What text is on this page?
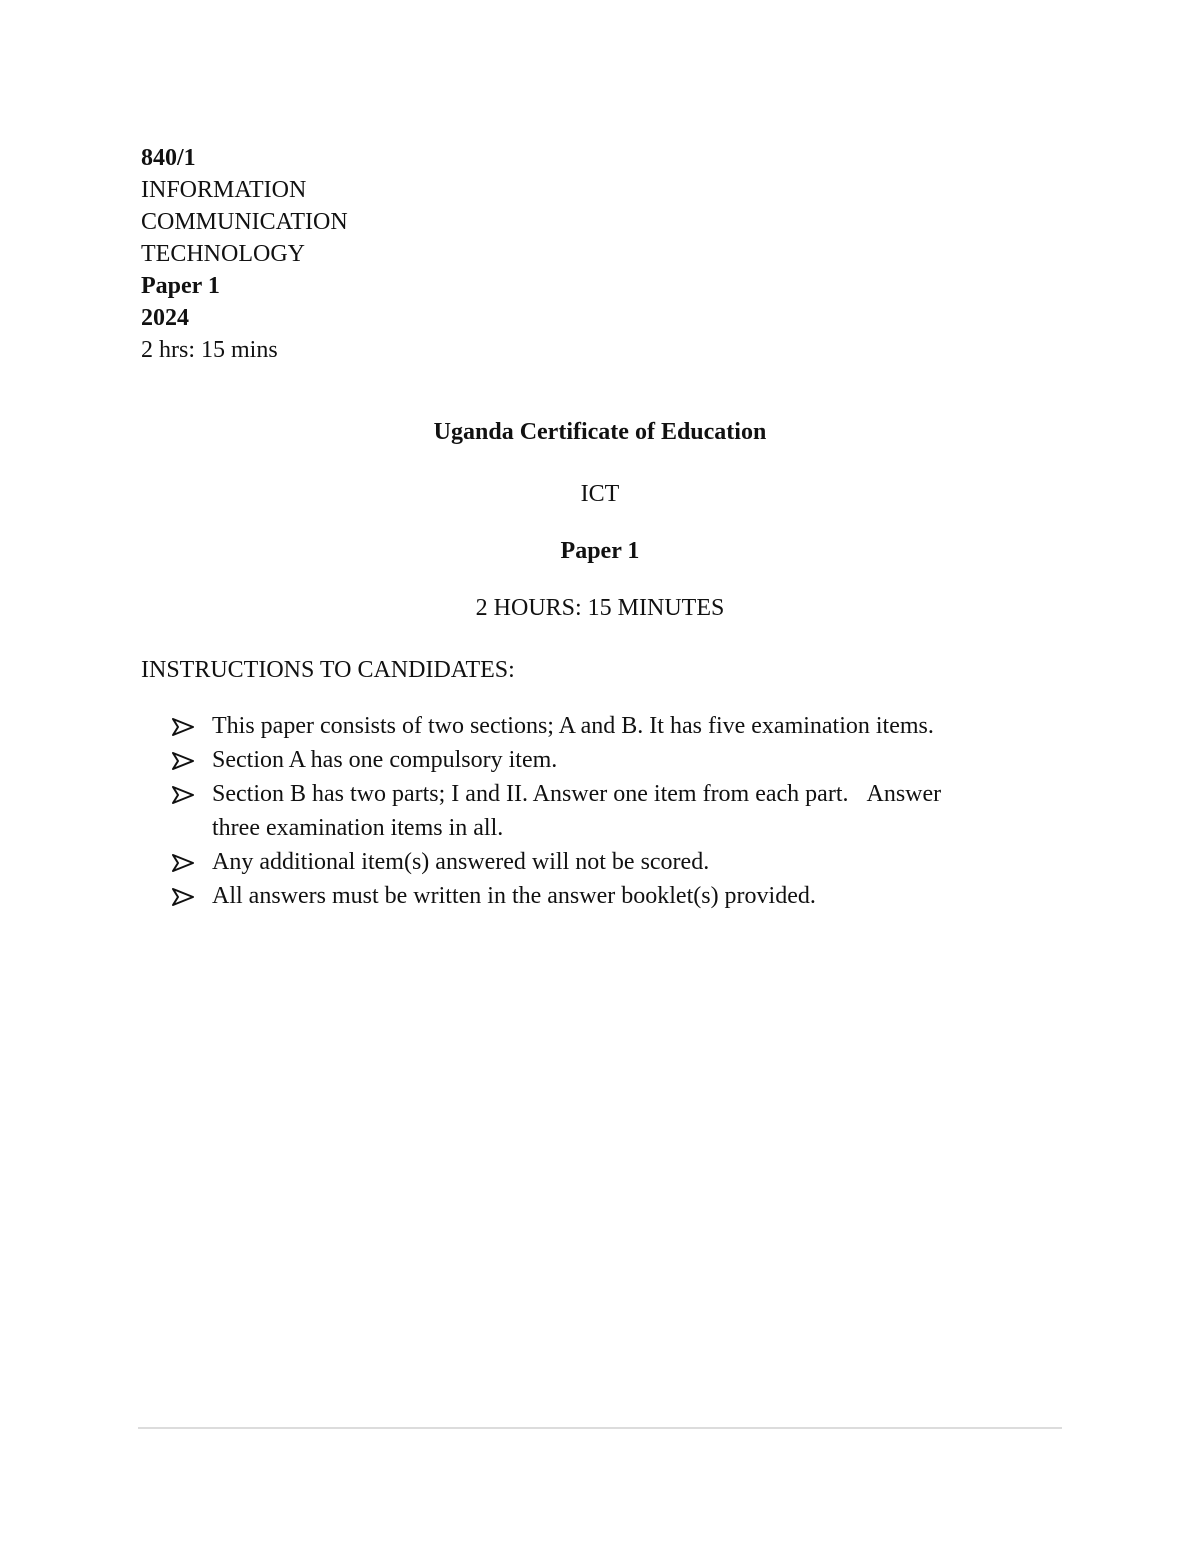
840/1
INFORMATION
COMMUNICATION
TECHNOLOGY
Paper 1
2024
2 hrs: 15 mins
Uganda Certificate of Education
ICT
Paper 1
2 HOURS: 15 MINUTES
INSTRUCTIONS TO CANDIDATES:
This paper consists of two sections; A and B. It has five examination items.
Section A has one compulsory item.
Section B has two parts; I and II. Answer one item from each part. Answer
three examination items in all.
Any additional item(s) answered will not be scored.
All answers must be written in the answer booklet(s) provided.
